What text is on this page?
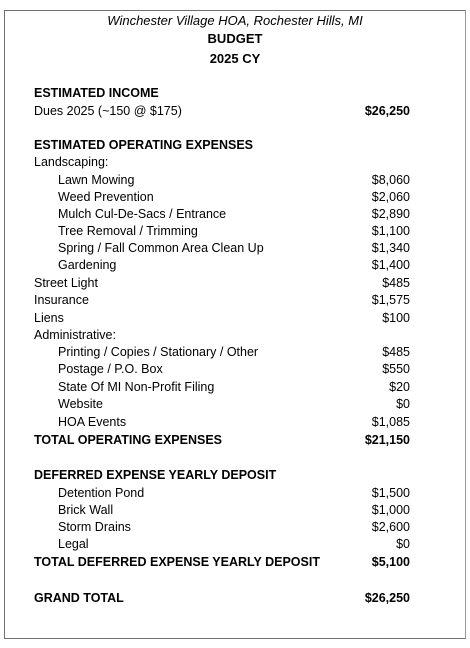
Winchester Village HOA, Rochester Hills, MI
BUDGET
2025 CY
ESTIMATED INCOME
Dues 2025 (~150 @ $175)	$26,250
ESTIMATED OPERATING EXPENSES
Landscaping:
Lawn Mowing	$8,060
Weed Prevention	$2,060
Mulch Cul-De-Sacs / Entrance	$2,890
Tree Removal / Trimming	$1,100
Spring / Fall Common Area Clean Up	$1,340
Gardening	$1,400
Street Light	$485
Insurance	$1,575
Liens	$100
Administrative:
Printing / Copies / Stationary / Other	$485
Postage / P.O. Box	$550
State Of MI Non-Profit Filing	$20
Website	$0
HOA Events	$1,085
TOTAL OPERATING EXPENSES	$21,150
DEFERRED EXPENSE YEARLY DEPOSIT
Detention Pond	$1,500
Brick Wall	$1,000
Storm Drains	$2,600
Legal	$0
TOTAL DEFERRED EXPENSE YEARLY DEPOSIT	$5,100
GRAND TOTAL	$26,250
